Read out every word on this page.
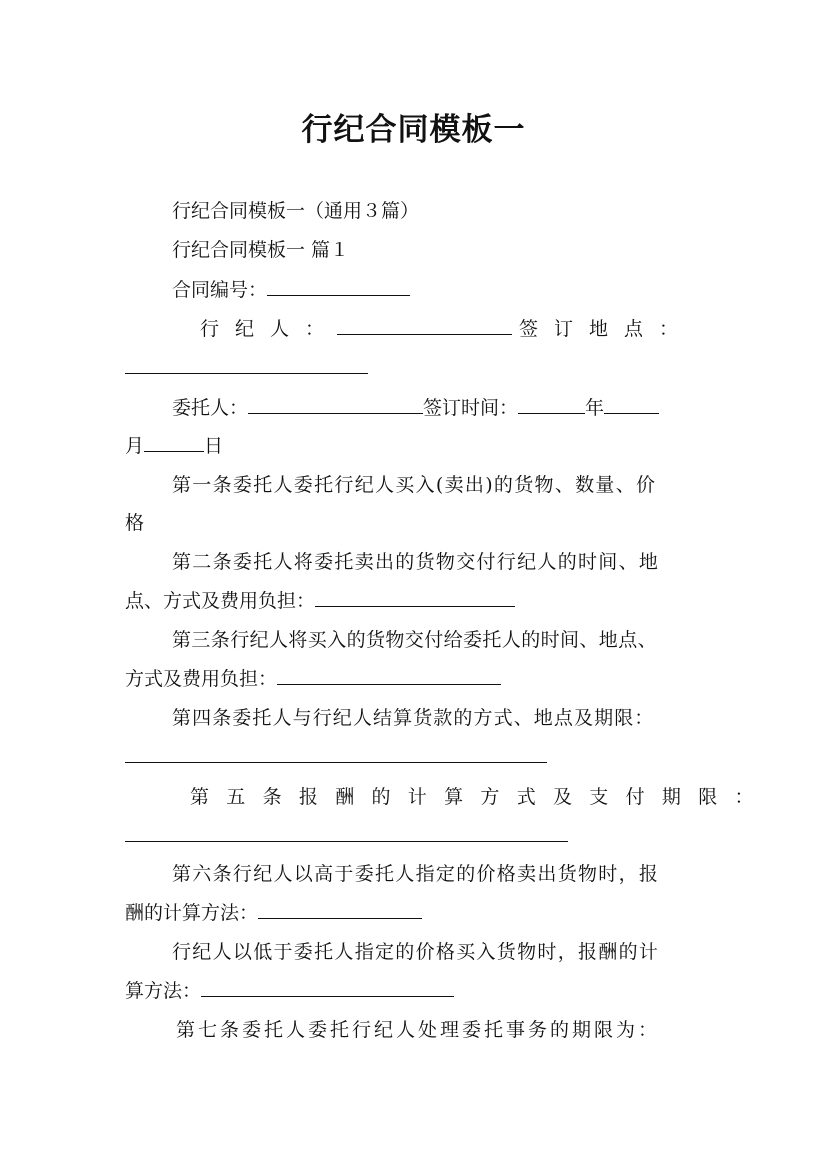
行纪合同模板一
行纪合同模板一（通用３篇）
行纪合同模板一 篇１
合同编号：
行纪人：	签订地点：
委托人：	签订时间：	年
月	日
第一条委托人委托行纪人买入(卖出)的货物、数量、价
格
第二条委托人将委托卖出的货物交付行纪人的时间、地
点、方式及费用负担：
第三条行纪人将买入的货物交付给委托人的时间、地点、
方式及费用负担：
第四条委托人与行纪人结算货款的方式、地点及期限：
第五条报酬的计算方式及支付期限：
第六条行纪人以高于委托人指定的价格卖出货物时，报
酬的计算方法：
行纪人以低于委托人指定的价格买入货物时，报酬的计
算方法：
第七条委托人委托行纪人处理委托事务的期限为：
